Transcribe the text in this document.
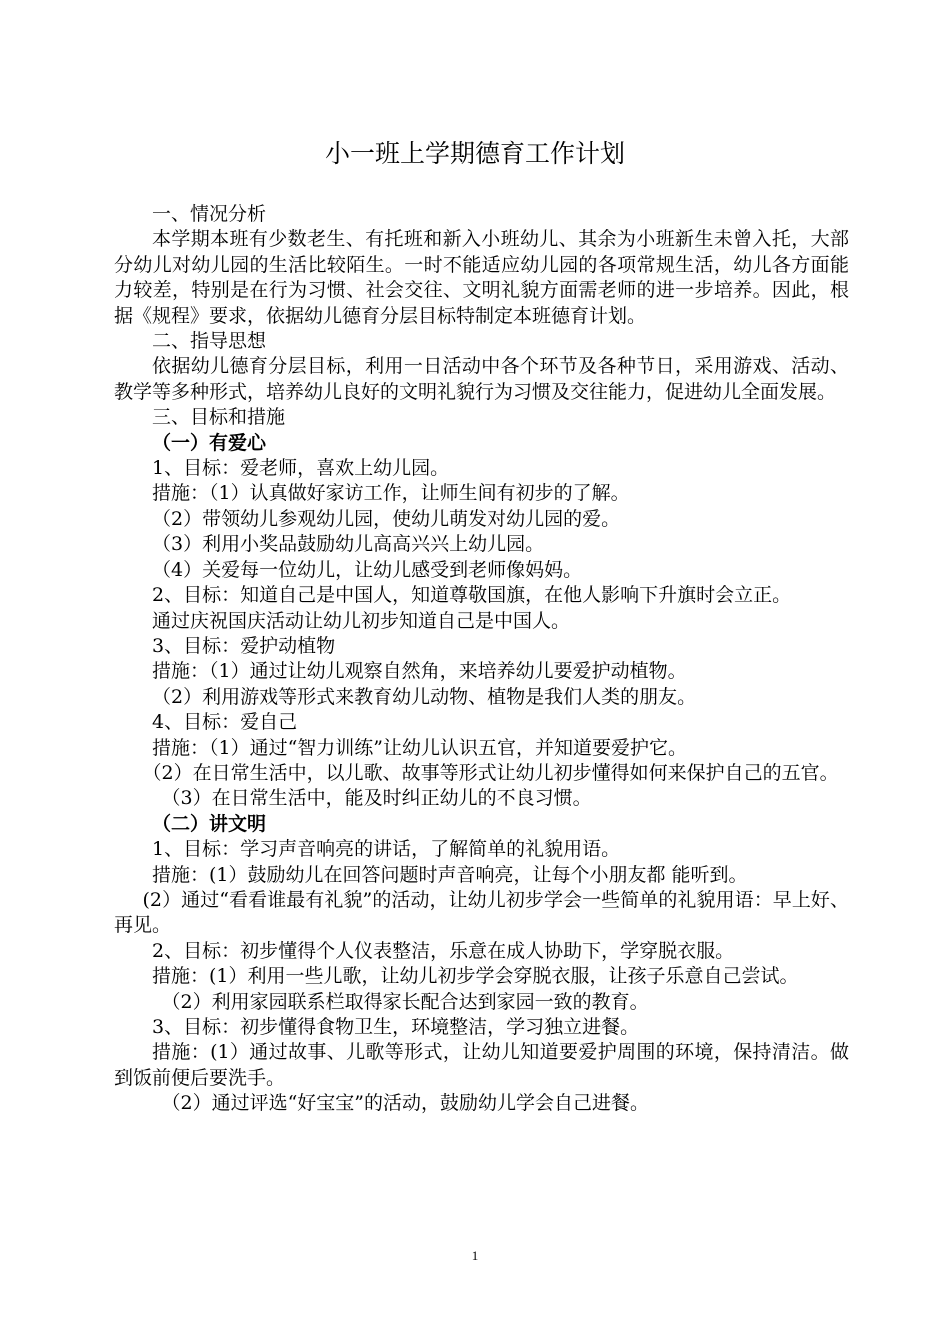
小一班上学期德育工作计划

一、情况分析

本学期本班有少数老生、有托班和新入小班幼儿、其余为小班新生未曾入托，大部分幼儿对幼儿园的生活比较陌生。一时不能适应幼儿园的各项常规生活，幼儿各方面能力较差，特别是在行为习惯、社会交往、文明礼貌方面需老师的进一步培养。因此，根据《规程》要求，依据幼儿德育分层目标特制定本班德育计划。

二、指导思想

依据幼儿德育分层目标，利用一日活动中各个环节及各种节日，采用游戏、活动、教学等多种形式，培养幼儿良好的文明礼貌行为习惯及交往能力，促进幼儿全面发展。

三、目标和措施

（一）有爱心

1、目标：爱老师，喜欢上幼儿园。

措施：（1）认真做好家访工作，让师生间有初步的了解。

（2）带领幼儿参观幼儿园，使幼儿萌发对幼儿园的爱。

（3）利用小奖品鼓励幼儿高高兴兴上幼儿园。

（4）关爱每一位幼儿，让幼儿感受到老师像妈妈。

2、目标：知道自己是中国人，知道尊敬国旗，在他人影响下升旗时会立正。

通过庆祝国庆活动让幼儿初步知道自己是中国人。

3、目标：爱护动植物

措施：（1）通过让幼儿观察自然角，来培养幼儿要爱护动植物。

（2）利用游戏等形式来教育幼儿动物、植物是我们人类的朋友。

4、目标：爱自己

措施：（1）通过“智力训练”让幼儿认识五官，并知道要爱护它。

（2）在日常生活中，以儿歌、故事等形式让幼儿初步懂得如何来保护自己的五官。

（3）在日常生活中，能及时纠正幼儿的不良习惯。

（二）讲文明

1、目标：学习声音响亮的讲话，了解简单的礼貌用语。

措施：(1）鼓励幼儿在回答问题时声音响亮，让每个小朋友都 能听到。

(2）通过“看看谁最有礼貌”的活动，让幼儿初步学会一些简单的礼貌用语：早上好、再见。

2、目标：初步懂得个人仪表整洁，乐意在成人协助下，学穿脱衣服。

措施：(1）利用一些儿歌，让幼儿初步学会穿脱衣服，让孩子乐意自己尝试。

（2）利用家园联系栏取得家长配合达到家园一致的教育。

3、目标：初步懂得食物卫生，环境整洁，学习独立进餐。

措施：(1）通过故事、儿歌等形式，让幼儿知道要爱护周围的环境，保持清洁。做到饭前便后要洗手。

（2）通过评选“好宝宝”的活动，鼓励幼儿学会自己进餐。

1
